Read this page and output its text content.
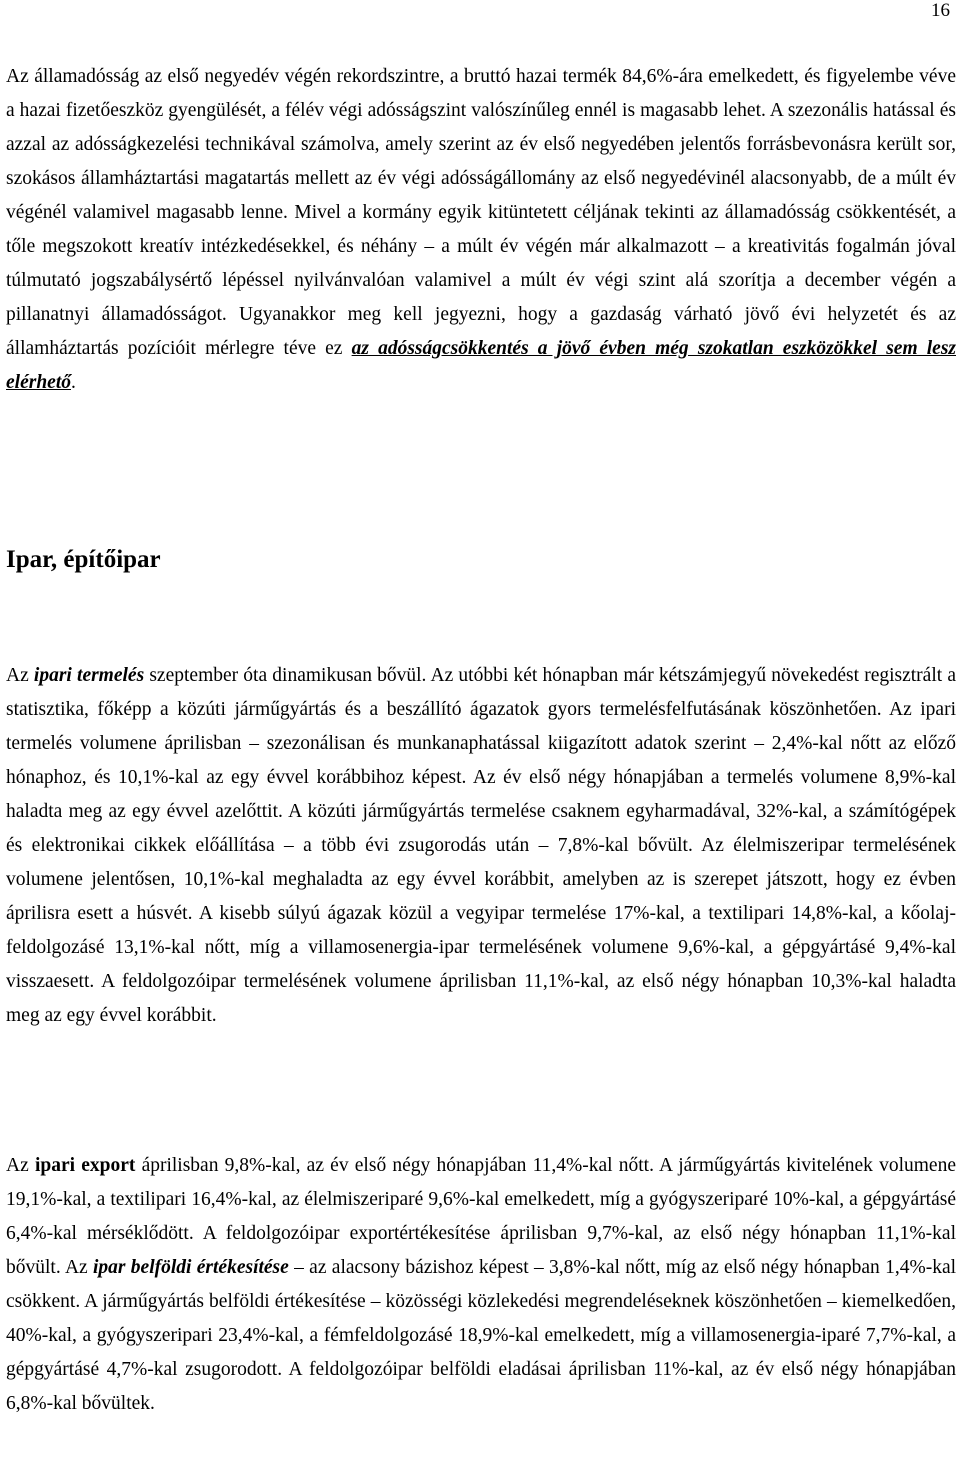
16

Az államadósság az első negyedév végén rekordszintre, a bruttó hazai termék 84,6%-ára emelkedett, és figyelembe véve a hazai fizetőeszköz gyengülését, a félév végi adósságszint valószínűleg ennél is magasabb lehet. A szezonális hatással és azzal az adósságkezelési technikával számolva, amely szerint az év első negyedében jelentős forrásbevonásra került sor, szokásos államháztartási magatartás mellett az év végi adósságállomány az első negyedévinél alacsonyabb, de a múlt év végénél valamivel magasabb lenne. Mivel a kormány egyik kitüntetett céljának tekinti az államadósság csökkentését, a tőle megszokott kreatív intézkedésekkel, és néhány – a múlt év végén már alkalmazott – a kreativitás fogalmán jóval túlmutató jogszabálysértő lépéssel nyilvánvalóan valamivel a múlt év végi szint alá szorítja a december végén a pillanatnyi államadósságot. Ugyanakkor meg kell jegyezni, hogy a gazdaság várható jövő évi helyzetét és az államháztartás pozícióit mérlegre téve ez az adósságcsökkentés a jövő évben még szokatlan eszközökkel sem lesz elérhető.

Ipar, építőipar

Az ipari termelés szeptember óta dinamikusan bővül. Az utóbbi két hónapban már kétszámjegyű növekedést regisztrált a statisztika, főképp a közúti járműgyártás és a beszállító ágazatok gyors termelésfelfutásának köszönhetően. Az ipari termelés volumene áprilisban – szezonálisan és munkanaphatással kiigazított adatok szerint – 2,4%-kal nőtt az előző hónaphoz, és 10,1%-kal az egy évvel korábbihoz képest. Az év első négy hónapjában a termelés volumene 8,9%-kal haladta meg az egy évvel azelőttit. A közúti járműgyártás termelése csaknem egyharmadával, 32%-kal, a számítógépek és elektronikai cikkek előállítása – a több évi zsugorodás után – 7,8%-kal bővült. Az élelmiszeripar termelésének volumene jelentősen, 10,1%-kal meghaladta az egy évvel korábbit, amelyben az is szerepet játszott, hogy ez évben áprilisra esett a húsvét. A kisebb súlyú ágazak közül a vegyipar termelése 17%-kal, a textilipari 14,8%-kal, a kőolaj-feldolgozásé 13,1%-kal nőtt, míg a villamosenergia-ipar termelésének volumene 9,6%-kal, a gépgyártásé 9,4%-kal visszaesett. A feldolgozóipar termelésének volumene áprilisban 11,1%-kal, az első négy hónapban 10,3%-kal haladta meg az egy évvel korábbit.

Az ipari export áprilisban 9,8%-kal, az év első négy hónapjában 11,4%-kal nőtt. A járműgyártás kivitelének volumene 19,1%-kal, a textilipari 16,4%-kal, az élelmiszeriparé 9,6%-kal emelkedett, míg a gyógyszeriparé 10%-kal, a gépgyártásé 6,4%-kal mérséklődött. A feldolgozóipar exportértékesítése áprilisban 9,7%-kal, az első négy hónapban 11,1%-kal bővült. Az ipar belföldi értékesítése – az alacsony bázishoz képest – 3,8%-kal nőtt, míg az első négy hónapban 1,4%-kal csökkent. A járműgyártás belföldi értékesítése – közösségi közlekedési megrendeléseknek köszönhetően – kiemelkedően, 40%-kal, a gyógyszeripari 23,4%-kal, a fémfeldolgozásé 18,9%-kal emelkedett, míg a villamosenergia-iparé 7,7%-kal, a gépgyártásé 4,7%-kal zsugorodott. A feldolgozóipar belföldi eladásai áprilisban 11%-kal, az év első négy hónapjában 6,8%-kal bővültek.
